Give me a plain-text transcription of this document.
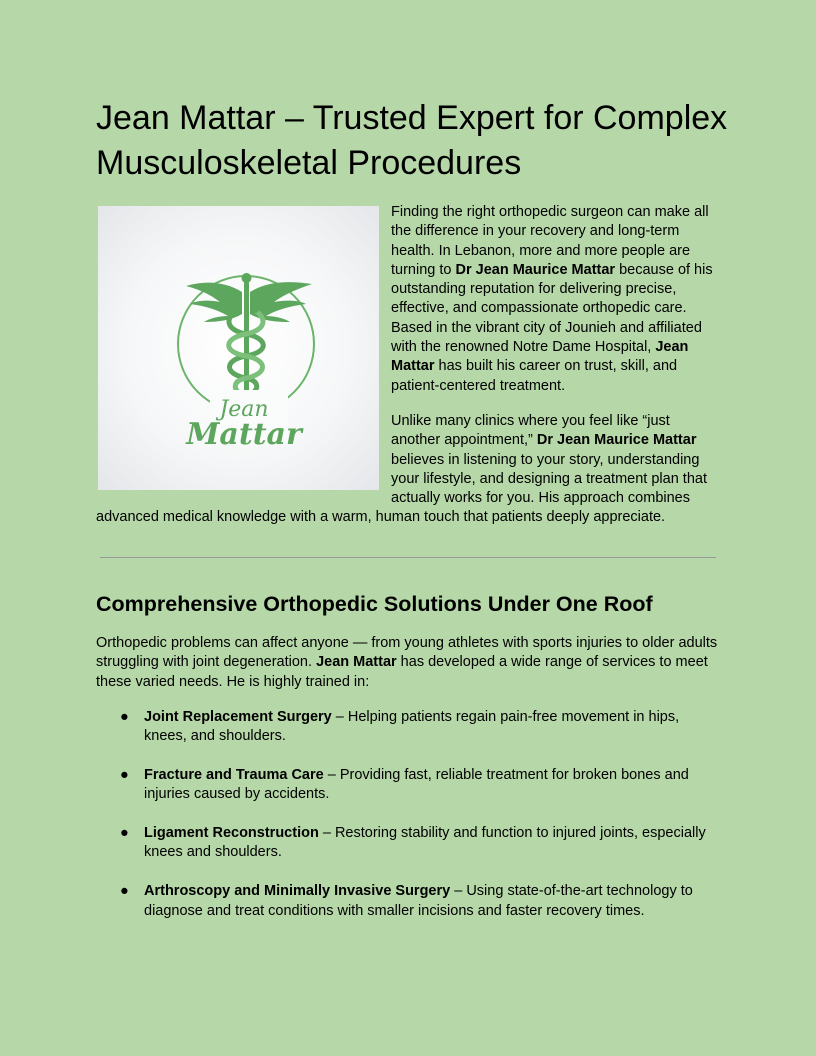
Jean Mattar – Trusted Expert for Complex Musculoskeletal Procedures
Jean
Mattar

Finding the right orthopedic surgeon can make all the difference in your recovery and long-term health. In Lebanon, more and more people are turning to Dr Jean Maurice Mattar because of his outstanding reputation for delivering precise, effective, and compassionate orthopedic care. Based in the vibrant city of Jounieh and affiliated with the renowned Notre Dame Hospital, Jean Mattar has built his career on trust, skill, and patient-centered treatment.

Unlike many clinics where you feel like “just another appointment,” Dr Jean Maurice Mattar believes in listening to your story, understanding your lifestyle, and designing a treatment plan that actually works for you. His approach combines advanced medical knowledge with a warm, human touch that patients deeply appreciate.

Comprehensive Orthopedic Solutions Under One Roof

Orthopedic problems can affect anyone — from young athletes with sports injuries to older adults struggling with joint degeneration. Jean Mattar has developed a wide range of services to meet these varied needs. He is highly trained in:

● Joint Replacement Surgery – Helping patients regain pain-free movement in hips, knees, and shoulders.
● Fracture and Trauma Care – Providing fast, reliable treatment for broken bones and injuries caused by accidents.
● Ligament Reconstruction – Restoring stability and function to injured joints, especially knees and shoulders.
● Arthroscopy and Minimally Invasive Surgery – Using state-of-the-art technology to diagnose and treat conditions with smaller incisions and faster recovery times.
